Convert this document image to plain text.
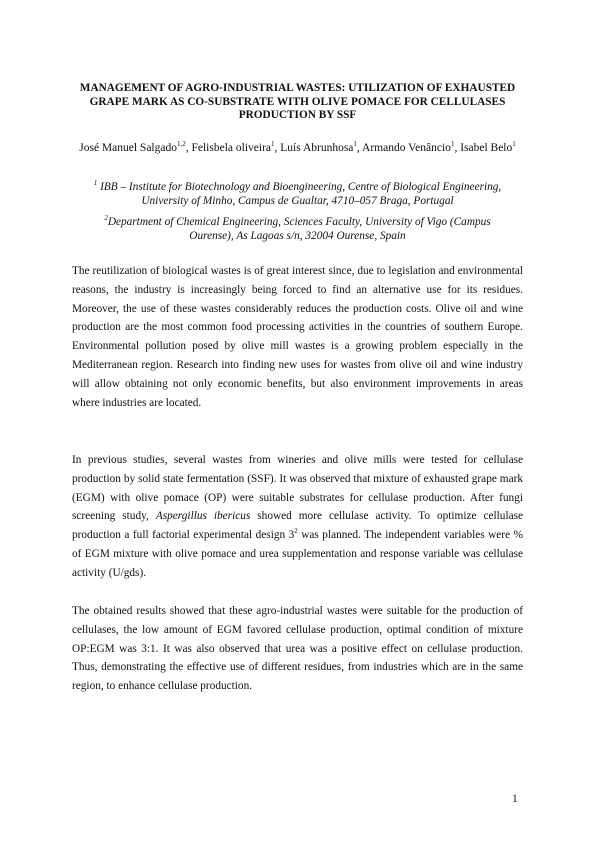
MANAGEMENT OF AGRO-INDUSTRIAL WASTES: UTILIZATION OF EXHAUSTED GRAPE MARK AS CO-SUBSTRATE WITH OLIVE POMACE FOR CELLULASES PRODUCTION BY SSF
José Manuel Salgado$^{1,2}$, Felisbela oliveira$^1$, Luís Abrunhosa$^1$, Armando Venâncio$^1$, Isabel Belo$^1$
$^1$ IBB – Institute for Biotechnology and Bioengineering, Centre of Biological Engineering, University of Minho, Campus de Gualtar, 4710–057 Braga, Portugal
$^2$Department of Chemical Engineering, Sciences Faculty, University of Vigo (Campus Ourense), As Lagoas s/n, 32004 Ourense, Spain

The reutilization of biological wastes is of great interest since, due to legislation and environmental reasons, the industry is increasingly being forced to find an alternative use for its residues. Moreover, the use of these wastes considerably reduces the production costs. Olive oil and wine production are the most common food processing activities in the countries of southern Europe. Environmental pollution posed by olive mill wastes is a growing problem especially in the Mediterranean region. Research into finding new uses for wastes from olive oil and wine industry will allow obtaining not only economic benefits, but also environment improvements in areas where industries are located.

In previous studies, several wastes from wineries and olive mills were tested for cellulase production by solid state fermentation (SSF). It was observed that mixture of exhausted grape mark (EGM) with olive pomace (OP) were suitable substrates for cellulase production. After fungi screening study, Aspergillus ibericus showed more cellulase activity. To optimize cellulase production a full factorial experimental design $3^2$ was planned. The independent variables were % of EGM mixture with olive pomace and urea supplementation and response variable was cellulase activity (U/gds).

The obtained results showed that these agro-industrial wastes were suitable for the production of cellulases, the low amount of EGM favored cellulase production, optimal condition of mixture OP:EGM was 3:1. It was also observed that urea was a positive effect on cellulase production. Thus, demonstrating the effective use of different residues, from industries which are in the same region, to enhance cellulase production.

1
